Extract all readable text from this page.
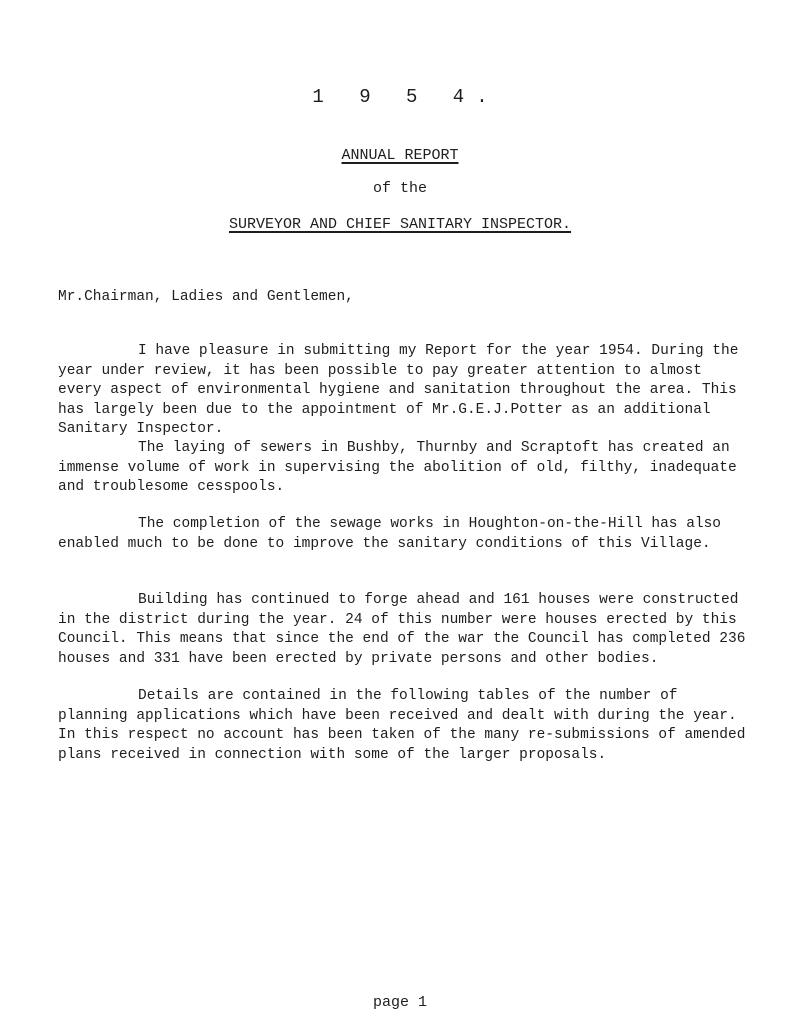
1 9 5 4.
ANNUAL REPORT
of the
SURVEYOR AND CHIEF SANITARY INSPECTOR.
Mr.Chairman, Ladies and Gentlemen,

I have pleasure in submitting my Report for the year 1954. During the year under review, it has been possible to pay greater attention to almost every aspect of environmental hygiene and sanitation throughout the area. This has largely been due to the appointment of Mr.G.E.J.Potter as an additional Sanitary Inspector.

The laying of sewers in Bushby, Thurnby and Scraptoft has created an immense volume of work in supervising the abolition of old, filthy, inadequate and troublesome cesspools.

The completion of the sewage works in Houghton-on-the-Hill has also enabled much to be done to improve the sanitary conditions of this Village.

Building has continued to forge ahead and 161 houses were constructed in the district during the year. 24 of this number were houses erected by this Council. This means that since the end of the war the Council has completed 236 houses and 331 have been erected by private persons and other bodies.

Details are contained in the following tables of the number of planning applications which have been received and dealt with during the year. In this respect no account has been taken of the many re-submissions of amended plans received in connection with some of the larger proposals.

page 1
